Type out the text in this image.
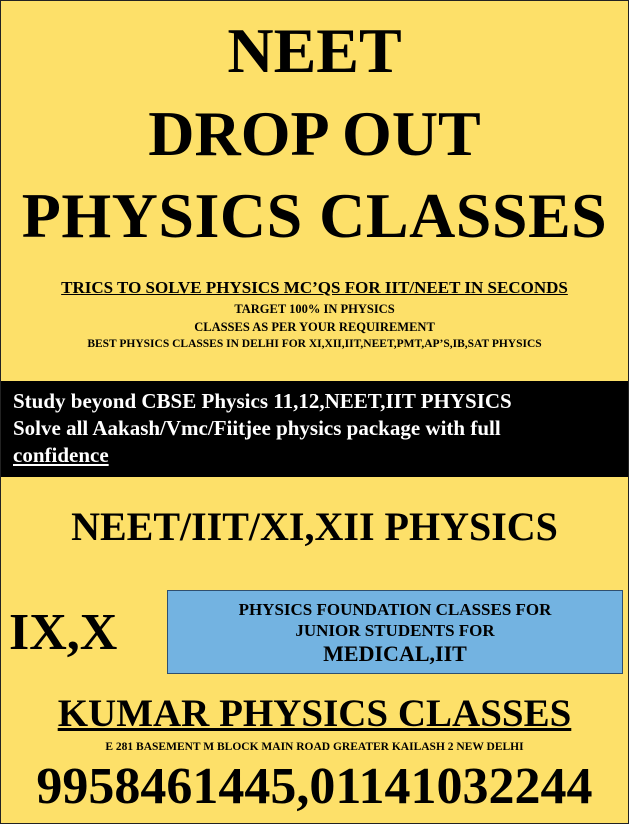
NEET
DROP OUT
PHYSICS CLASSES
TRICS TO SOLVE PHYSICS MC’QS FOR IIT/NEET IN SECONDS
TARGET 100% IN PHYSICS
CLASSES AS PER YOUR REQUIREMENT
BEST PHYSICS CLASSES IN DELHI FOR XI,XII,IIT,NEET,PMT,AP’S,IB,SAT PHYSICS
Study beyond CBSE Physics 11,12,NEET,IIT PHYSICS
Solve all Aakash/Vmc/Fiitjee physics package with full
confidence
NEET/IIT/XI,XII PHYSICS
IX,X	PHYSICS FOUNDATION CLASSES FOR
JUNIOR STUDENTS FOR
MEDICAL,IIT
KUMAR PHYSICS CLASSES
E 281 BASEMENT M BLOCK MAIN ROAD GREATER KAILASH 2 NEW DELHI
9958461445,01141032244
